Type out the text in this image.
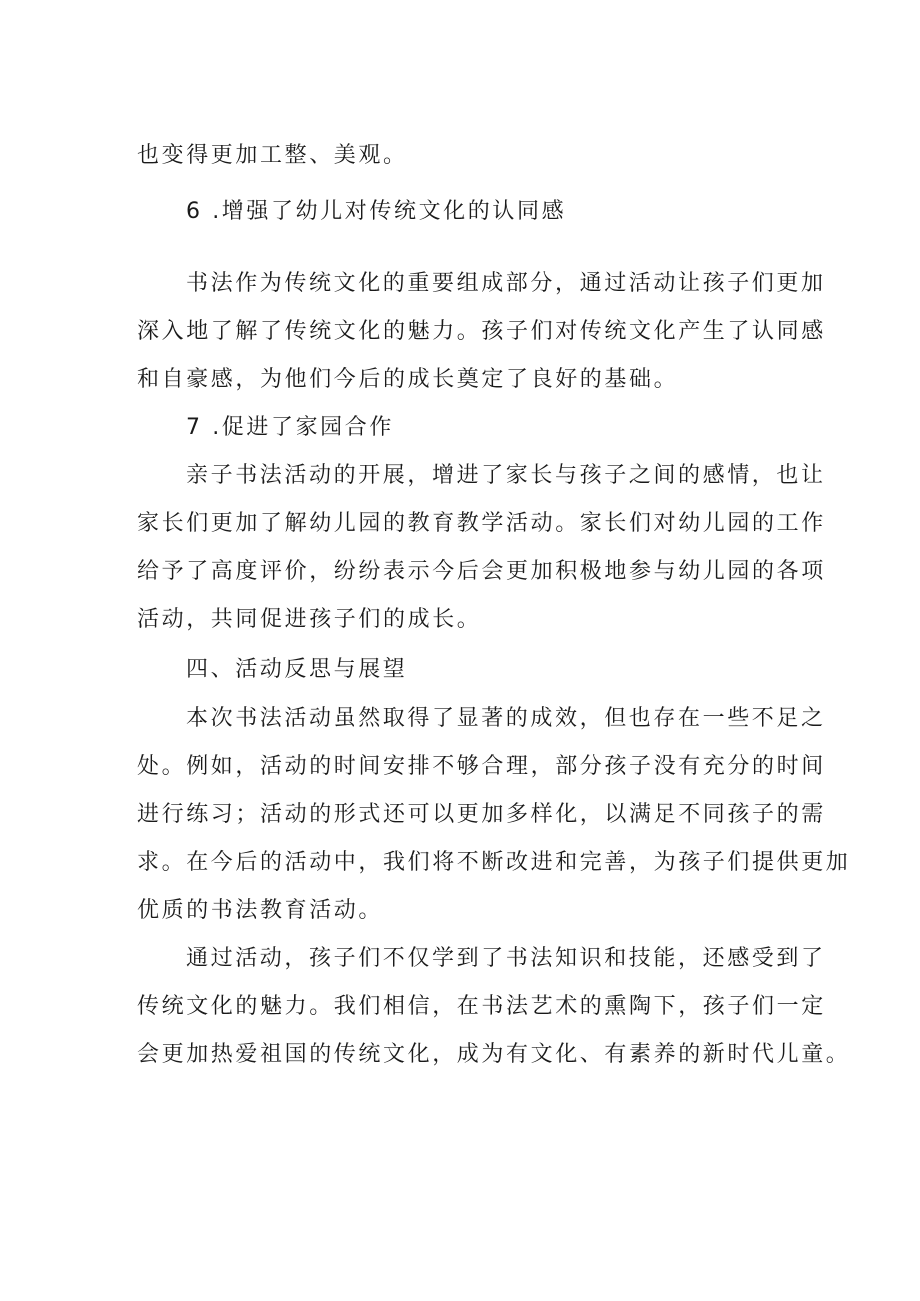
也变得更加工整、美观。
6 .增强了幼儿对传统文化的认同感
书法作为传统文化的重要组成部分，通过活动让孩子们更加
深入地了解了传统文化的魅力。孩子们对传统文化产生了认同感
和自豪感，为他们今后的成长奠定了良好的基础。
7 .促进了家园合作
亲子书法活动的开展，增进了家长与孩子之间的感情，也让
家长们更加了解幼儿园的教育教学活动。家长们对幼儿园的工作
给予了高度评价，纷纷表示今后会更加积极地参与幼儿园的各项
活动，共同促进孩子们的成长。
四、活动反思与展望
本次书法活动虽然取得了显著的成效，但也存在一些不足之
处。例如，活动的时间安排不够合理，部分孩子没有充分的时间
进行练习；活动的形式还可以更加多样化，以满足不同孩子的需
求。在今后的活动中，我们将不断改进和完善，为孩子们提供更加
优质的书法教育活动。
通过活动，孩子们不仅学到了书法知识和技能，还感受到了
传统文化的魅力。我们相信，在书法艺术的熏陶下，孩子们一定
会更加热爱祖国的传统文化，成为有文化、有素养的新时代儿童。
